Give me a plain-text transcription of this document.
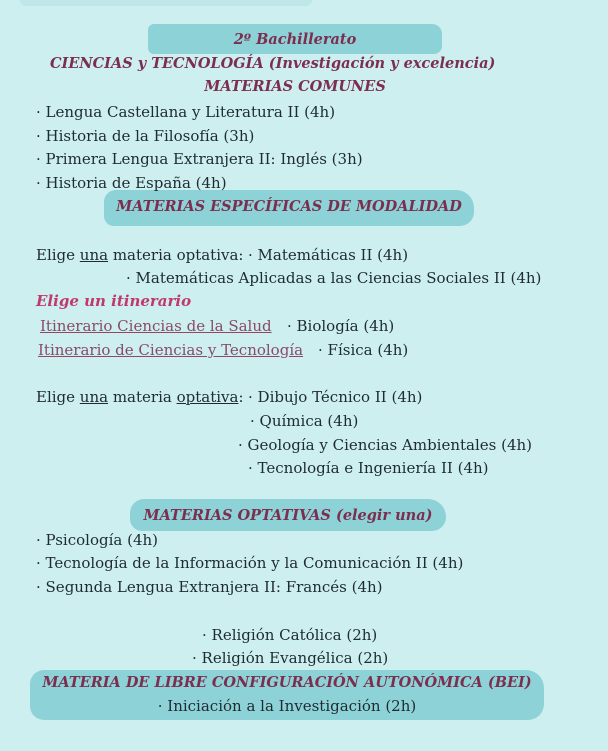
2º Bachillerato
CIENCIAS y TECNOLOGÍA (Investigación y excelencia)
MATERIAS COMUNES
· Lengua Castellana y Literatura II (4h)
· Historia de la Filosofía (3h)
· Primera Lengua Extranjera II: Inglés (3h)
· Historia de España (4h)
MATERIAS ESPECÍFICAS DE MODALIDAD
Elige una materia optativa: · Matemáticas II (4h)
· Matemáticas Aplicadas a las Ciencias Sociales II (4h)
Elige un itinerario
Itinerario Ciencias de la Salud · Biología (4h)
Itinerario de Ciencias y Tecnología · Física (4h)
Elige una materia optativa: · Dibujo Técnico II (4h)
· Química (4h)
· Geología y Ciencias Ambientales (4h)
· Tecnología e Ingeniería II (4h)
MATERIAS OPTATIVAS (elegir una)
· Psicología (4h)
· Tecnología de la Información y la Comunicación II (4h)
· Segunda Lengua Extranjera II: Francés (4h)
· Religión Católica (2h)
· Religión Evangélica (2h)
MATERIA DE LIBRE CONFIGURACIÓN AUTONÓMICA (BEI)
· Iniciación a la Investigación (2h)
